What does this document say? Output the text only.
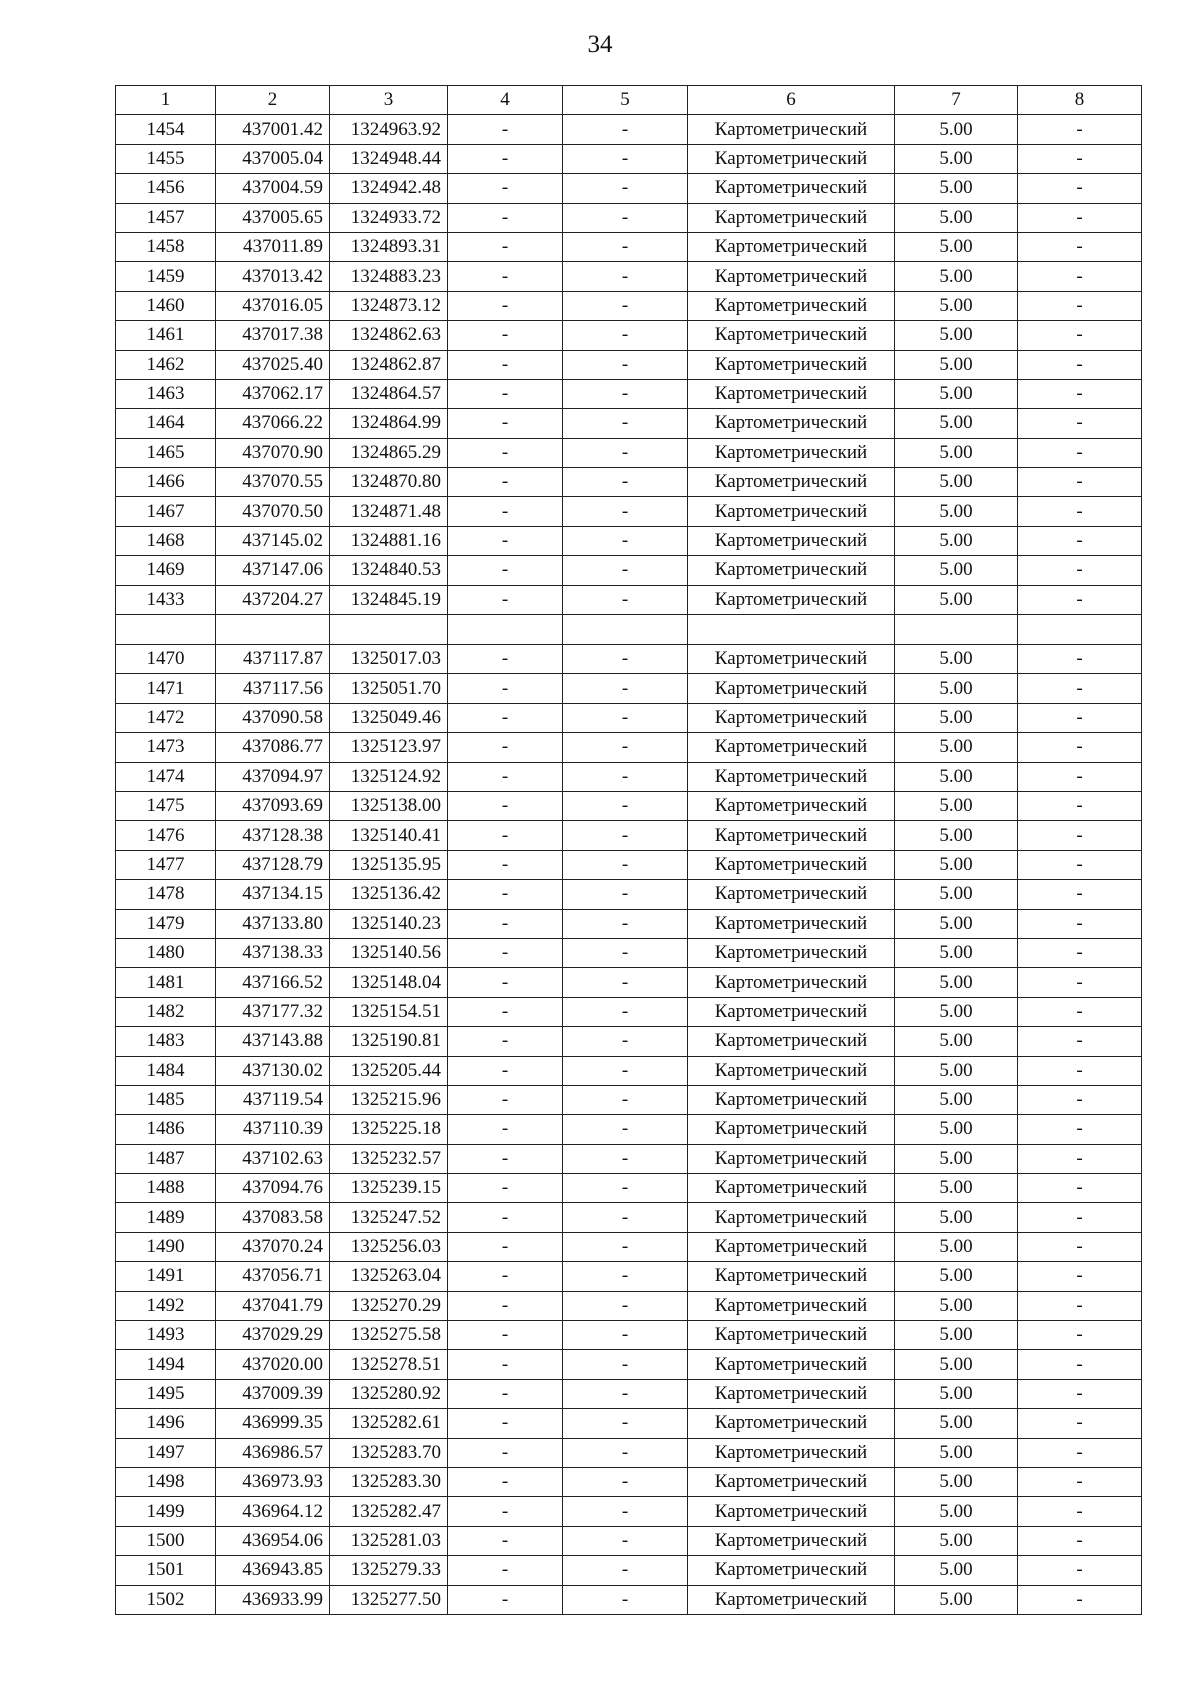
34
1	2	3	4	5	6	7	8
1454	437001.42	1324963.92	-	-	Картометрический	5.00	-
1455	437005.04	1324948.44	-	-	Картометрический	5.00	-
1456	437004.59	1324942.48	-	-	Картометрический	5.00	-
1457	437005.65	1324933.72	-	-	Картометрический	5.00	-
1458	437011.89	1324893.31	-	-	Картометрический	5.00	-
1459	437013.42	1324883.23	-	-	Картометрический	5.00	-
1460	437016.05	1324873.12	-	-	Картометрический	5.00	-
1461	437017.38	1324862.63	-	-	Картометрический	5.00	-
1462	437025.40	1324862.87	-	-	Картометрический	5.00	-
1463	437062.17	1324864.57	-	-	Картометрический	5.00	-
1464	437066.22	1324864.99	-	-	Картометрический	5.00	-
1465	437070.90	1324865.29	-	-	Картометрический	5.00	-
1466	437070.55	1324870.80	-	-	Картометрический	5.00	-
1467	437070.50	1324871.48	-	-	Картометрический	5.00	-
1468	437145.02	1324881.16	-	-	Картометрический	5.00	-
1469	437147.06	1324840.53	-	-	Картометрический	5.00	-
1433	437204.27	1324845.19	-	-	Картометрический	5.00	-

1470	437117.87	1325017.03	-	-	Картометрический	5.00	-
1471	437117.56	1325051.70	-	-	Картометрический	5.00	-
1472	437090.58	1325049.46	-	-	Картометрический	5.00	-
1473	437086.77	1325123.97	-	-	Картометрический	5.00	-
1474	437094.97	1325124.92	-	-	Картометрический	5.00	-
1475	437093.69	1325138.00	-	-	Картометрический	5.00	-
1476	437128.38	1325140.41	-	-	Картометрический	5.00	-
1477	437128.79	1325135.95	-	-	Картометрический	5.00	-
1478	437134.15	1325136.42	-	-	Картометрический	5.00	-
1479	437133.80	1325140.23	-	-	Картометрический	5.00	-
1480	437138.33	1325140.56	-	-	Картометрический	5.00	-
1481	437166.52	1325148.04	-	-	Картометрический	5.00	-
1482	437177.32	1325154.51	-	-	Картометрический	5.00	-
1483	437143.88	1325190.81	-	-	Картометрический	5.00	-
1484	437130.02	1325205.44	-	-	Картометрический	5.00	-
1485	437119.54	1325215.96	-	-	Картометрический	5.00	-
1486	437110.39	1325225.18	-	-	Картометрический	5.00	-
1487	437102.63	1325232.57	-	-	Картометрический	5.00	-
1488	437094.76	1325239.15	-	-	Картометрический	5.00	-
1489	437083.58	1325247.52	-	-	Картометрический	5.00	-
1490	437070.24	1325256.03	-	-	Картометрический	5.00	-
1491	437056.71	1325263.04	-	-	Картометрический	5.00	-
1492	437041.79	1325270.29	-	-	Картометрический	5.00	-
1493	437029.29	1325275.58	-	-	Картометрический	5.00	-
1494	437020.00	1325278.51	-	-	Картометрический	5.00	-
1495	437009.39	1325280.92	-	-	Картометрический	5.00	-
1496	436999.35	1325282.61	-	-	Картометрический	5.00	-
1497	436986.57	1325283.70	-	-	Картометрический	5.00	-
1498	436973.93	1325283.30	-	-	Картометрический	5.00	-
1499	436964.12	1325282.47	-	-	Картометрический	5.00	-
1500	436954.06	1325281.03	-	-	Картометрический	5.00	-
1501	436943.85	1325279.33	-	-	Картометрический	5.00	-
1502	436933.99	1325277.50	-	-	Картометрический	5.00	-
